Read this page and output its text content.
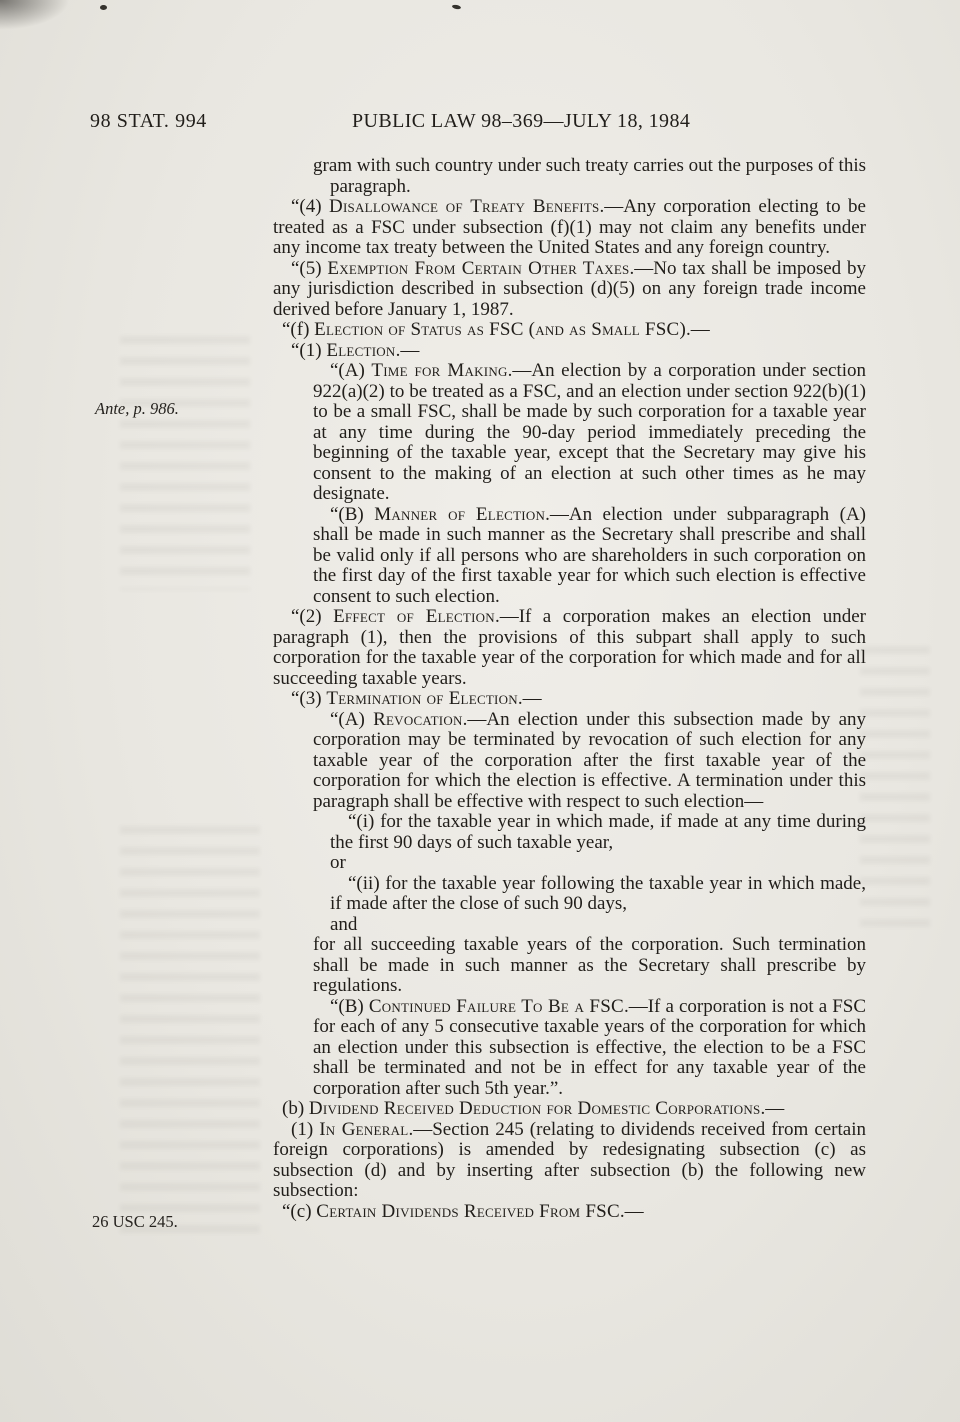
98 STAT. 994	PUBLIC LAW 98–369—JULY 18, 1984
Ante, p. 986.
26 USC 245.
gram with such country under such treaty carries out the purposes of this paragraph.
“(4) Disallowance of Treaty Benefits.—Any corporation electing to be treated as a FSC under subsection (f)(1) may not claim any benefits under any income tax treaty between the United States and any foreign country.
“(5) Exemption From Certain Other Taxes.—No tax shall be imposed by any jurisdiction described in subsection (d)(5) on any foreign trade income derived before January 1, 1987.
“(f) Election of Status as FSC (and as Small FSC).—
“(1) Election.—
“(A) Time for Making.—An election by a corporation under section 922(a)(2) to be treated as a FSC, and an election under section 922(b)(1) to be a small FSC, shall be made by such corporation for a taxable year at any time during the 90-day period immediately preceding the beginning of the taxable year, except that the Secretary may give his consent to the making of an election at such other times as he may designate.
“(B) Manner of Election.—An election under subparagraph (A) shall be made in such manner as the Secretary shall prescribe and shall be valid only if all persons who are shareholders in such corporation on the first day of the first taxable year for which such election is effective consent to such election.
“(2) Effect of Election.—If a corporation makes an election under paragraph (1), then the provisions of this subpart shall apply to such corporation for the taxable year of the corporation for which made and for all succeeding taxable years.
“(3) Termination of Election.—
“(A) Revocation.—An election under this subsection made by any corporation may be terminated by revocation of such election for any taxable year of the corporation after the first taxable year of the corporation for which the election is effective. A termination under this paragraph shall be effective with respect to such election—
“(i) for the taxable year in which made, if made at any time during the first 90 days of such taxable year,
or
“(ii) for the taxable year following the taxable year in which made, if made after the close of such 90 days,
and
for all succeeding taxable years of the corporation. Such termination shall be made in such manner as the Secretary shall prescribe by regulations.
“(B) Continued Failure To Be a FSC.—If a corporation is not a FSC for each of any 5 consecutive taxable years of the corporation for which an election under this subsection is effective, the election to be a FSC shall be terminated and not be in effect for any taxable year of the corporation after such 5th year.”.
(b) Dividend Received Deduction for Domestic Corporations.—
(1) In General.—Section 245 (relating to dividends received from certain foreign corporations) is amended by redesignating subsection (c) as subsection (d) and by inserting after subsection (b) the following new subsection:
“(c) Certain Dividends Received From FSC.—
